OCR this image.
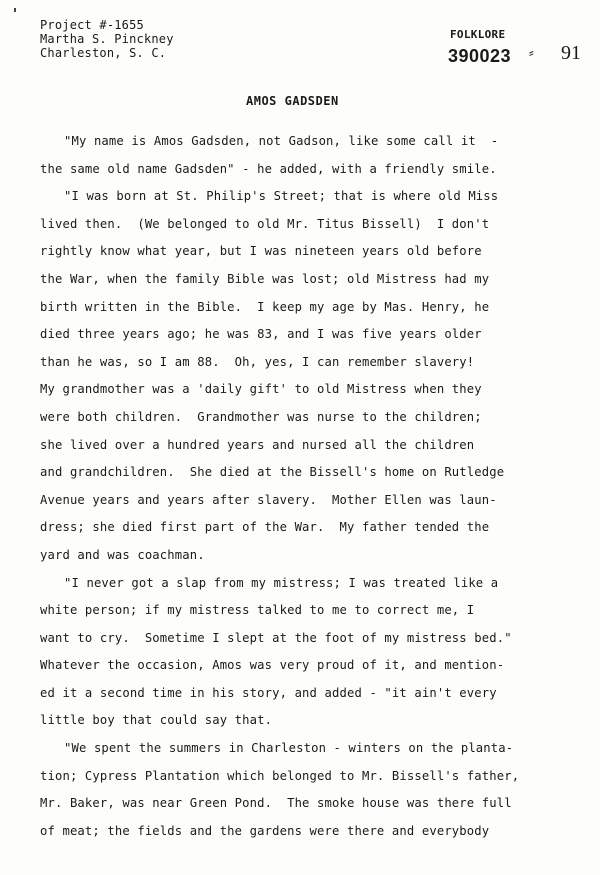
Project #-1655
Martha S. Pinckney
Charleston, S. C.
FOLKLORE
390023 ⸗ 91
AMOS GADSDEN
"My name is Amos Gadsden, not Gadson, like some call it  -
the same old name Gadsden" - he added, with a friendly smile.
"I was born at St. Philip's Street; that is where old Miss
lived then.  (We belonged to old Mr. Titus Bissell)  I don't
rightly know what year, but I was nineteen years old before
the War, when the family Bible was lost; old Mistress had my
birth written in the Bible.  I keep my age by Mas. Henry, he
died three years ago; he was 83, and I was five years older
than he was, so I am 88.  Oh, yes, I can remember slavery!
My grandmother was a 'daily gift' to old Mistress when they
were both children.  Grandmother was nurse to the children;
she lived over a hundred years and nursed all the children
and grandchildren.  She died at the Bissell's home on Rutledge
Avenue years and years after slavery.  Mother Ellen was laun-
dress; she died first part of the War.  My father tended the
yard and was coachman.
"I never got a slap from my mistress; I was treated like a
white person; if my mistress talked to me to correct me, I
want to cry.  Sometime I slept at the foot of my mistress bed."
Whatever the occasion, Amos was very proud of it, and mention-
ed it a second time in his story, and added - "it ain't every
little boy that could say that.
"We spent the summers in Charleston - winters on the planta-
tion; Cypress Plantation which belonged to Mr. Bissell's father,
Mr. Baker, was near Green Pond.  The smoke house was there full
of meat; the fields and the gardens were there and everybody
